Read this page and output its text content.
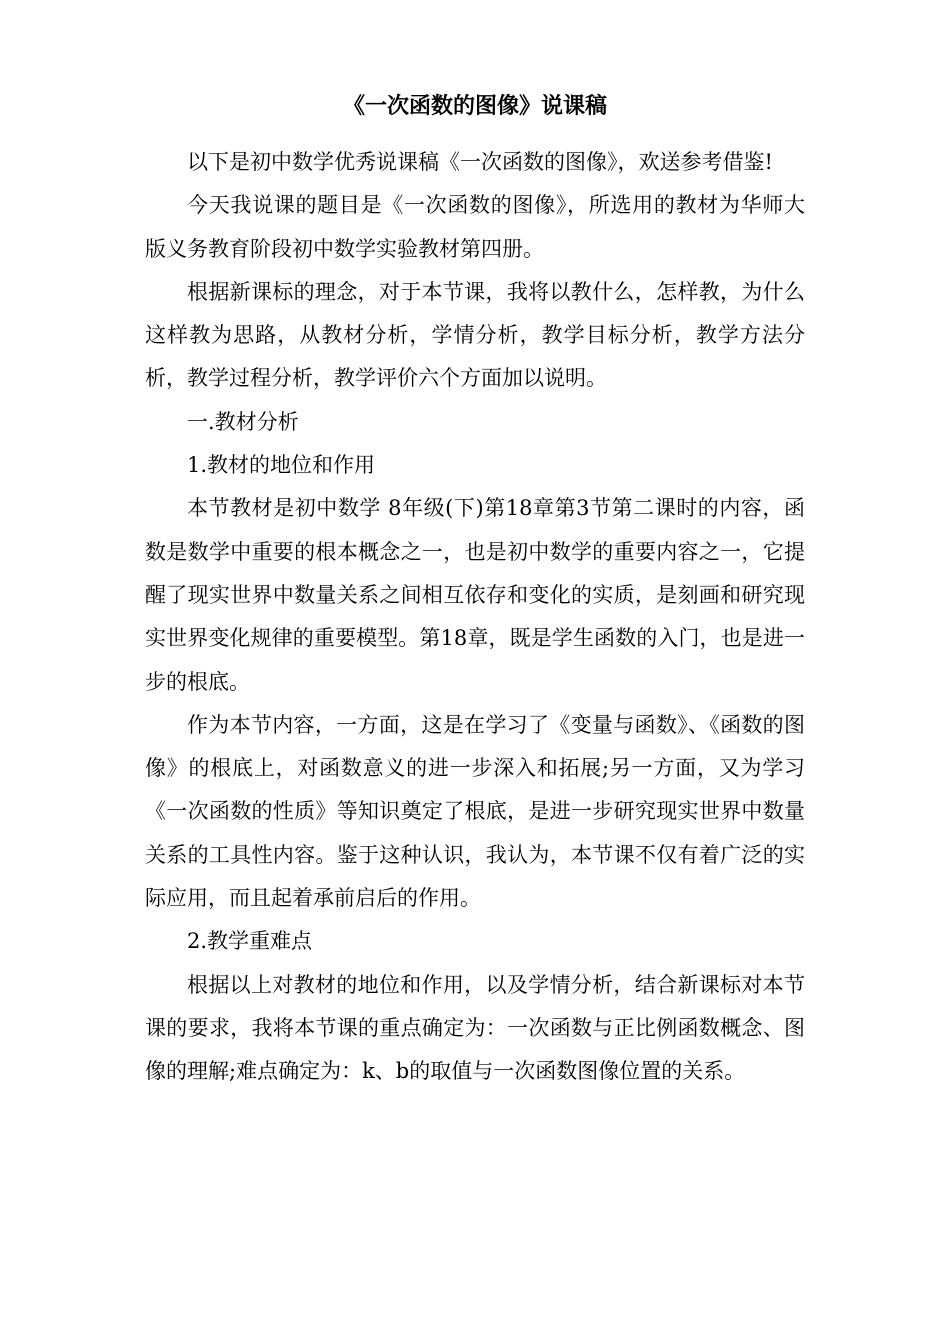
《一次函数的图像》说课稿

以下是初中数学优秀说课稿《一次函数的图像》，欢送参考借鉴!

今天我说课的题目是《一次函数的图像》，所选用的教材为华师大版义务教育阶段初中数学实验教材第四册。

根据新课标的理念，对于本节课，我将以教什么，怎样教，为什么这样教为思路，从教材分析，学情分析，教学目标分析，教学方法分析，教学过程分析，教学评价六个方面加以说明。

一.教材分析

1.教材的地位和作用

本节教材是初中数学 8年级(下)第18章第3节第二课时的内容，函数是数学中重要的根本概念之一，也是初中数学的重要内容之一，它提醒了现实世界中数量关系之间相互依存和变化的实质，是刻画和研究现实世界变化规律的重要模型。第18章，既是学生函数的入门，也是进一步的根底。

作为本节内容，一方面，这是在学习了《变量与函数》、《函数的图像》的根底上，对函数意义的进一步深入和拓展;另一方面，又为学习《一次函数的性质》等知识奠定了根底，是进一步研究现实世界中数量关系的工具性内容。鉴于这种认识，我认为，本节课不仅有着广泛的实际应用，而且起着承前启后的作用。

2.教学重难点

根据以上对教材的地位和作用，以及学情分析，结合新课标对本节课的要求，我将本节课的重点确定为：一次函数与正比例函数概念、图像的理解;难点确定为：k、b的取值与一次函数图像位置的关系。
